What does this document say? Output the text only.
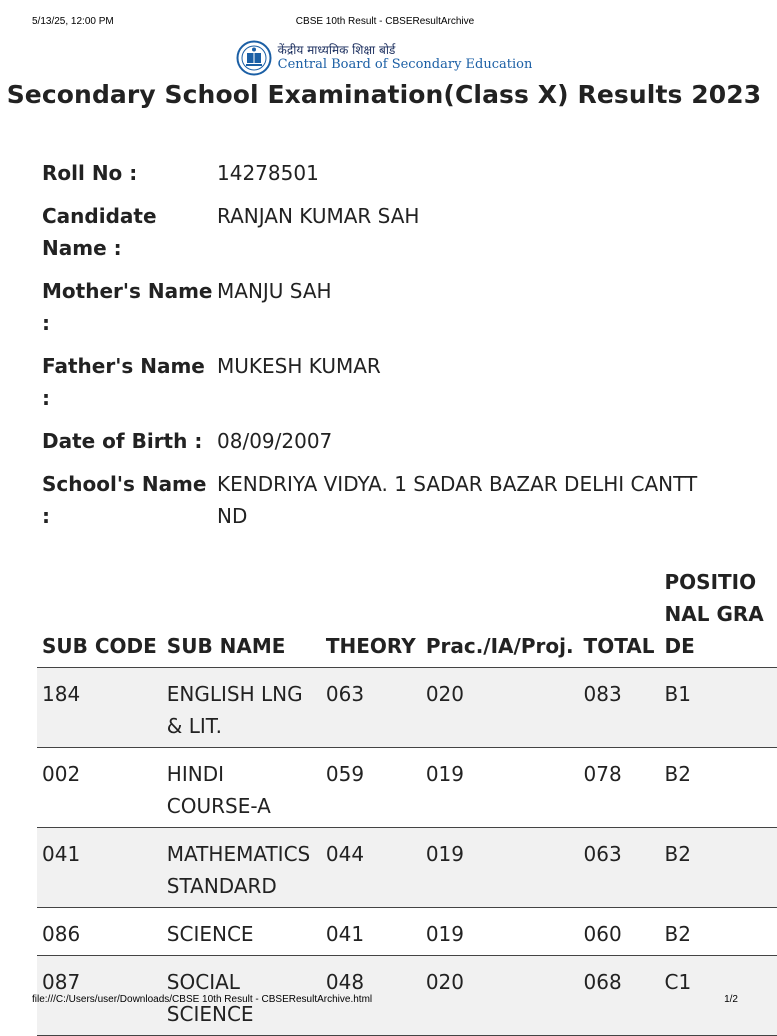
5/13/25, 12:00 PM	CBSE 10th Result - CBSEResultArchive
केंद्रीय माध्यमिक शिक्षा बोर्ड
Central Board of Secondary Education
Secondary School Examination(Class X) Results 2023
Roll No :	14278501
Candidate Name :
RANJAN KUMAR SAH
Mother's Name :
MANJU SAH
Father's Name :
MUKESH KUMAR
Date of Birth : 08/09/2007
School's Name :
KENDRIYA VIDYA. 1 SADAR BAZAR DELHI CANTT ND
SUB CODE	SUB NAME	THEORY	Prac./IA/Proj.	TOTAL	POSITIONAL GRADE

184	ENGLISH LNG & LIT.	063	020	083	B1
002	HINDI COURSE-A	059	019	078	B2
041	MATHEMATICS STANDARD	044	019	063	B2
086	SCIENCE	041	019	060	B2
087	SOCIAL SCIENCE	048	020	068	C1
file:///C:/Users/user/Downloads/CBSE 10th Result - CBSEResultArchive.html	1/2
